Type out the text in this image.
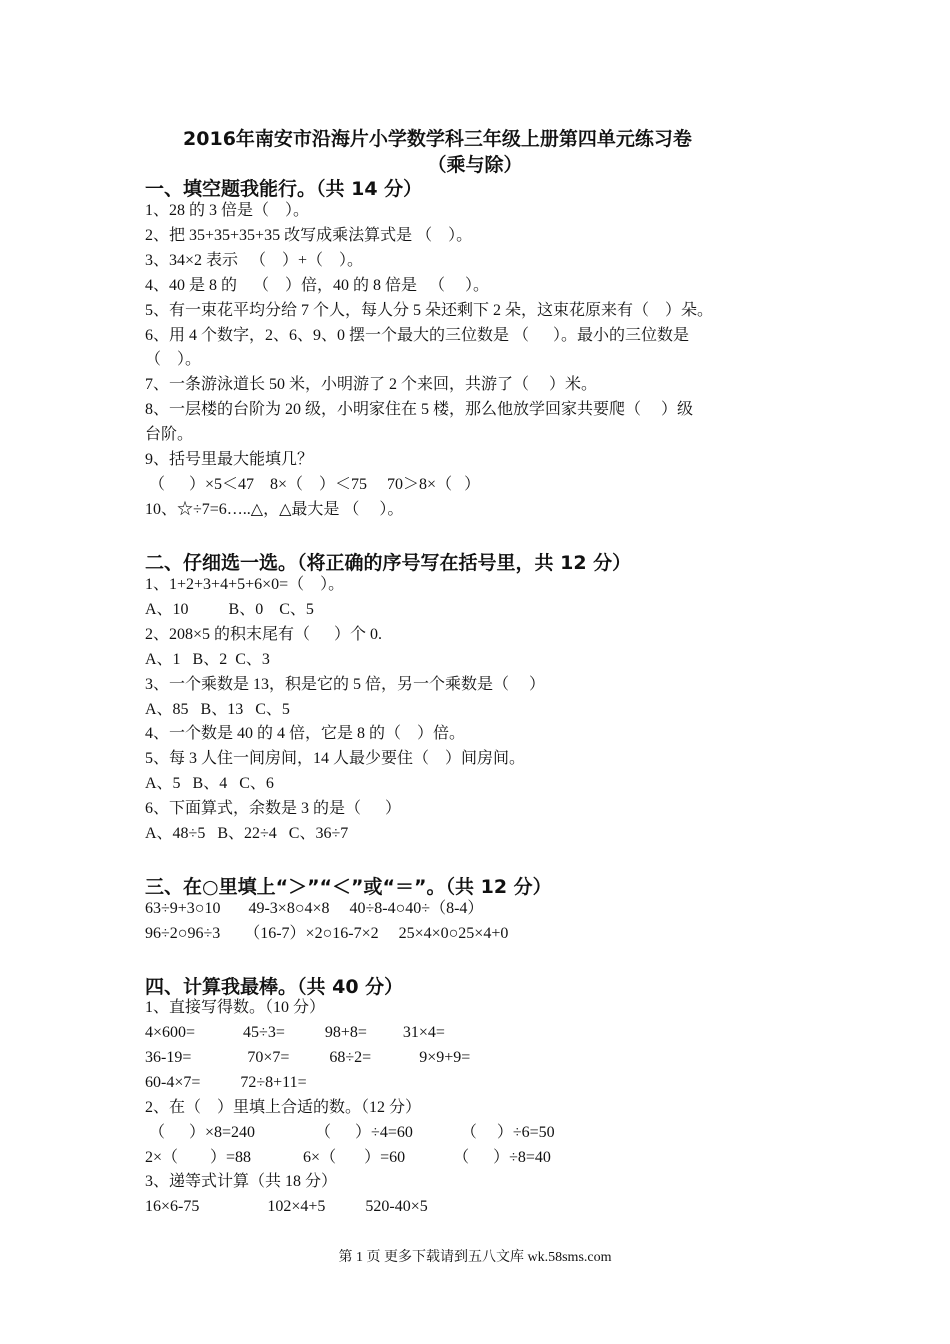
2016年南安市沿海片小学数学科三年级上册第四单元练习卷
（乘与除）
一、填空题我能行。（共 14 分）
1、28 的 3 倍是（    ）。
2、把 35+35+35+35 改写成乘法算式是 （    ）。
3、34×2 表示   （    ）+（    ）。
4、40 是 8 的    （    ）倍，40 的 8 倍是   （     ）。
5、有一束花平均分给 7 个人，每人分 5 朵还剩下 2 朵，这束花原来有（    ）朵。
6、用 4 个数字，2、6、9、0 摆一个最大的三位数是 （      ）。最小的三位数是
（    ）。
7、一条游泳道长 50 米，小明游了 2 个来回，共游了（     ）米。
8、一层楼的台阶为 20 级，小明家住在 5 楼，那么他放学回家共要爬（     ）级
台阶。
9、括号里最大能填几？
（      ）×5＜47    8×（    ）＜75     70＞8×（   ）
10、☆÷7=6…..△，△最大是 （     ）。
二、仔细选一选。（将正确的序号写在括号里，共 12 分）
1、1+2+3+4+5+6×0=（    ）。
A、10          B、0    C、5
2、208×5 的积末尾有（      ）个 0.
A、1   B、2  C、3
3、一个乘数是 13，积是它的 5 倍，另一个乘数是（     ）
A、85   B、13   C、5
4、一个数是 40 的 4 倍，它是 8 的（    ）倍。
5、每 3 人住一间房间，14 人最少要住（    ）间房间。
A、5   B、4   C、6
6、下面算式，余数是 3 的是（      ）
A、48÷5   B、22÷4   C、36÷7
三、在○里填上“＞”“＜”或“＝”。（共 12 分）
63÷9+3○10       49-3×8○4×8     40÷8-4○40÷（8-4）
96÷2○96÷3      （16-7）×2○16-7×2     25×4×0○25×4+0
四、计算我最棒。（共 40 分）
1、直接写得数。（10 分）
4×600=            45÷3=          98+8=         31×4=
36-19=              70×7=          68÷2=            9×9+9=
60-4×7=          72÷8+11=
2、在（    ）里填上合适的数。（12 分）
（      ）×8=240               （      ）÷4=60            （     ）÷6=50
2×（        ）=88             6×（       ）=60            （      ）÷8=40
3、递等式计算（共 18 分）
16×6-75                 102×4+5          520-40×5
第 1 页 更多下载请到五八文库 wk.58sms.com
